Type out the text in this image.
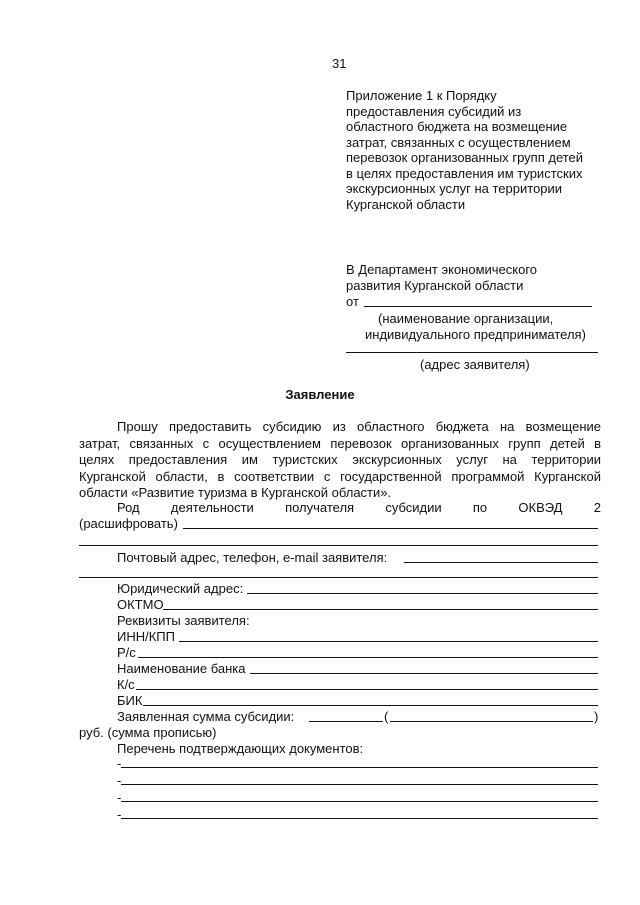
31
Приложение 1 к Порядку
предоставления субсидий из
областного бюджета на возмещение
затрат, связанных с осуществлением
перевозок организованных групп детей
в целях предоставления им туристских
экскурсионных услуг на территории
Курганской области
В Департамент экономического
развития Курганской области
от
(наименование организации,
индивидуального предпринимателя)
(адрес заявителя)
Заявление
Прошу предоставить субсидию из областного бюджета на возмещение
затрат, связанных с осуществлением перевозок организованных групп детей в
целях предоставления им туристских экскурсионных услуг на территории
Курганской области, в соответствии с государственной программой Курганской
области «Развитие туризма в Курганской области».
Род деятельности получателя субсидии по ОКВЭД 2
(расшифровать)
Почтовый адрес, телефон, e-mail заявителя:
Юридический адрес:
ОКТМО
Реквизиты заявителя:
ИНН/КПП
Р/с
Наименование банка
К/с
БИК
Заявленная сумма субсидии:	(	)
руб. (сумма прописью)
Перечень подтверждающих документов:
-
-
-
-
